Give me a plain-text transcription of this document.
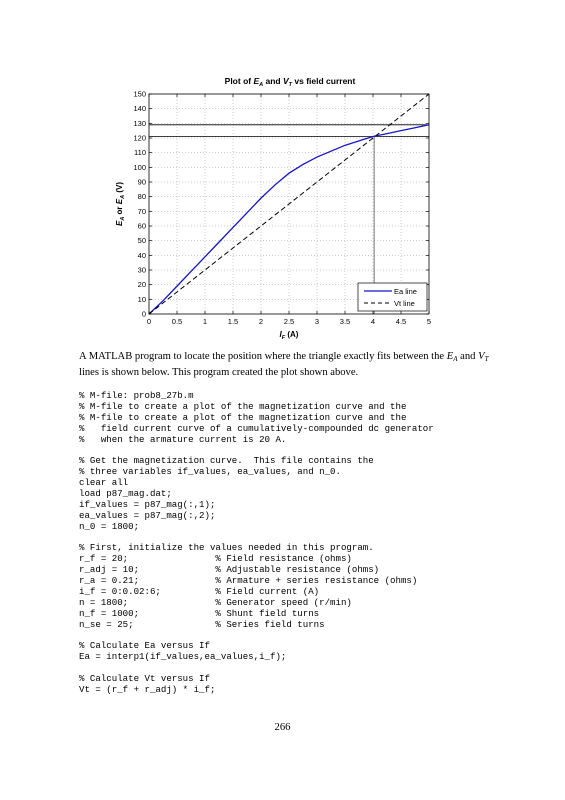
Plot of $E_A$ and $V_T$ vs field current
0	0.5	1	1.5	2	2.5	3	3.5	4	4.5	5
0
10
20
30
40
50
60
70
80
90
100
110
120
130
140
150
$I_F$ (A)
$E_A$ or $E_A$ (V)
Ea line
Vt line
A MATLAB program to locate the position where the triangle exactly fits between the $E_A$ and $V_T$ lines is shown below. This program created the plot shown above.
% M-file: prob8_27b.m
% M-file to create a plot of the magnetization curve and the
% M-file to create a plot of the magnetization curve and the
%   field current curve of a cumulatively-compounded dc generator
%   when the armature current is 20 A.
% Get the magnetization curve.  This file contains the
% three variables if_values, ea_values, and n_0.
clear all
load p87_mag.dat;
if_values = p87_mag(:,1);
ea_values = p87_mag(:,2);
n_0 = 1800;
% First, initialize the values needed in this program.
r_f = 20;                % Field resistance (ohms)
r_adj = 10;              % Adjustable resistance (ohms)
r_a = 0.21;              % Armature + series resistance (ohms)
i_f = 0:0.02:6;          % Field current (A)
n = 1800;                % Generator speed (r/min)
n_f = 1000;              % Shunt field turns
n_se = 25;               % Series field turns
% Calculate Ea versus If
Ea = interp1(if_values,ea_values,i_f);
% Calculate Vt versus If
Vt = (r_f + r_adj) * i_f;
266
